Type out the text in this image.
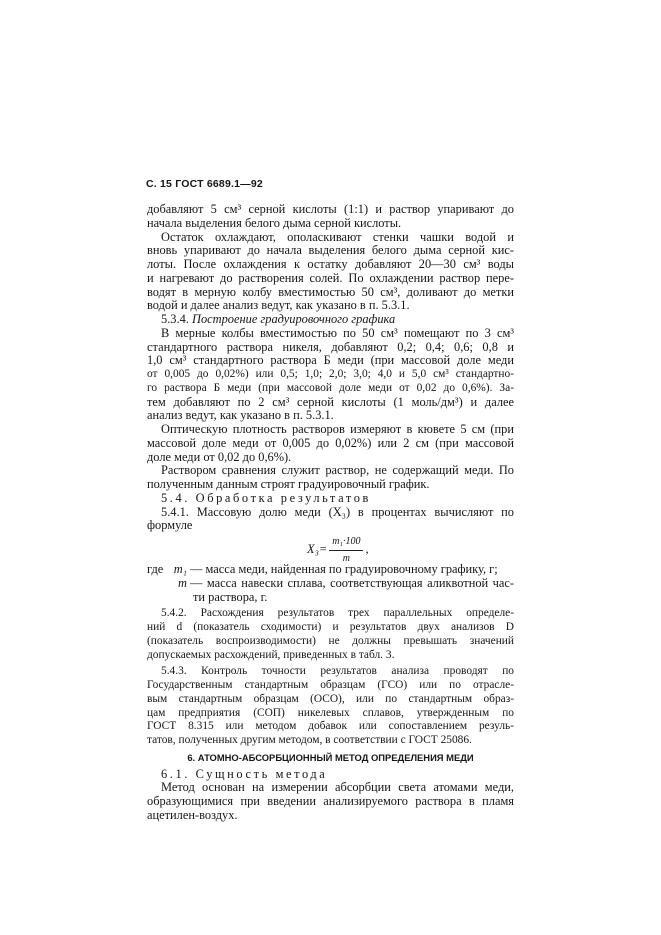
С. 15 ГОСТ 6689.1—92

добавляют 5 см³ серной кислоты (1:1) и раствор упаривают до

начала выделения белого дыма серной кислоты.

Остаток охлаждают, ополаскивают стенки чашки водой и

вновь упаривают до начала выделения белого дыма серной кис-

лоты. После охлаждения к остатку добавляют 20—30 см³ воды

и нагревают до растворения солей. По охлаждении раствор пере-

водят в мерную колбу вместимостью 50 см³, доливают до метки

водой и далее анализ ведут, как указано в п. 5.3.1.

5.3.4. Построение градуировочного графика

В мерные колбы вместимостью по 50 см³ помещают по 3 см³

стандартного раствора никеля, добавляют 0,2; 0,4; 0,6; 0,8 и

1,0 см³ стандартного раствора Б меди (при массовой доле меди

от 0,005 до 0,02%) или 0,5; 1,0; 2,0; 3,0; 4,0 и 5,0 см³ стандартно-

го раствора Б меди (при массовой доле меди от 0,02 до 0,6%). За-

тем добавляют по 2 см³ серной кислоты (1 моль/дм³) и далее

анализ ведут, как указано в п. 5.3.1.

Оптическую плотность растворов измеряют в кювете 5 см (при

массовой доле меди от 0,005 до 0,02%) или 2 см (при массовой

доле меди от 0,02 до 0,6%).

Раствором сравнения служит раствор, не содержащий меди. По

полученным данным строят градуировочный график.

5.4. Обработка результатов

5.4.1. Массовую долю меди (X₃) в процентах вычисляют по

формуле

$X_3= \frac{\text{m₁·100}}{m}$ ,
где m₁ — масса меди, найденная по градуировочному графику, г;
m — масса навески сплава, соответствующая аликвотной час-
ти раствора, г.

5.4.2. Расхождения результатов трех параллельных определе-

ний d (показатель сходимости) и результатов двух анализов D

(показатель воспроизводимости) не должны превышать значений

допускаемых расхождений, приведенных в табл. 3.

5.4.3. Контроль точности результатов анализа проводят по

Государственным стандартным образцам (ГСО) или по отрасле-

вым стандартным образцам (ОСО), или по стандартным образ-

цам предприятия (СОП) никелевых сплавов, утвержденным по

ГОСТ 8.315 или методом добавок или сопоставлением резуль-

татов, полученных другим методом, в соответствии с ГОСТ 25086.

6. АТОМНО-АБСОРБЦИОННЫЙ МЕТОД ОПРЕДЕЛЕНИЯ МЕДИ

6.1. Сущность метода

Метод основан на измерении абсорбции света атомами меди,

образующимися при введении анализируемого раствора в пламя

ацетилен-воздух.
